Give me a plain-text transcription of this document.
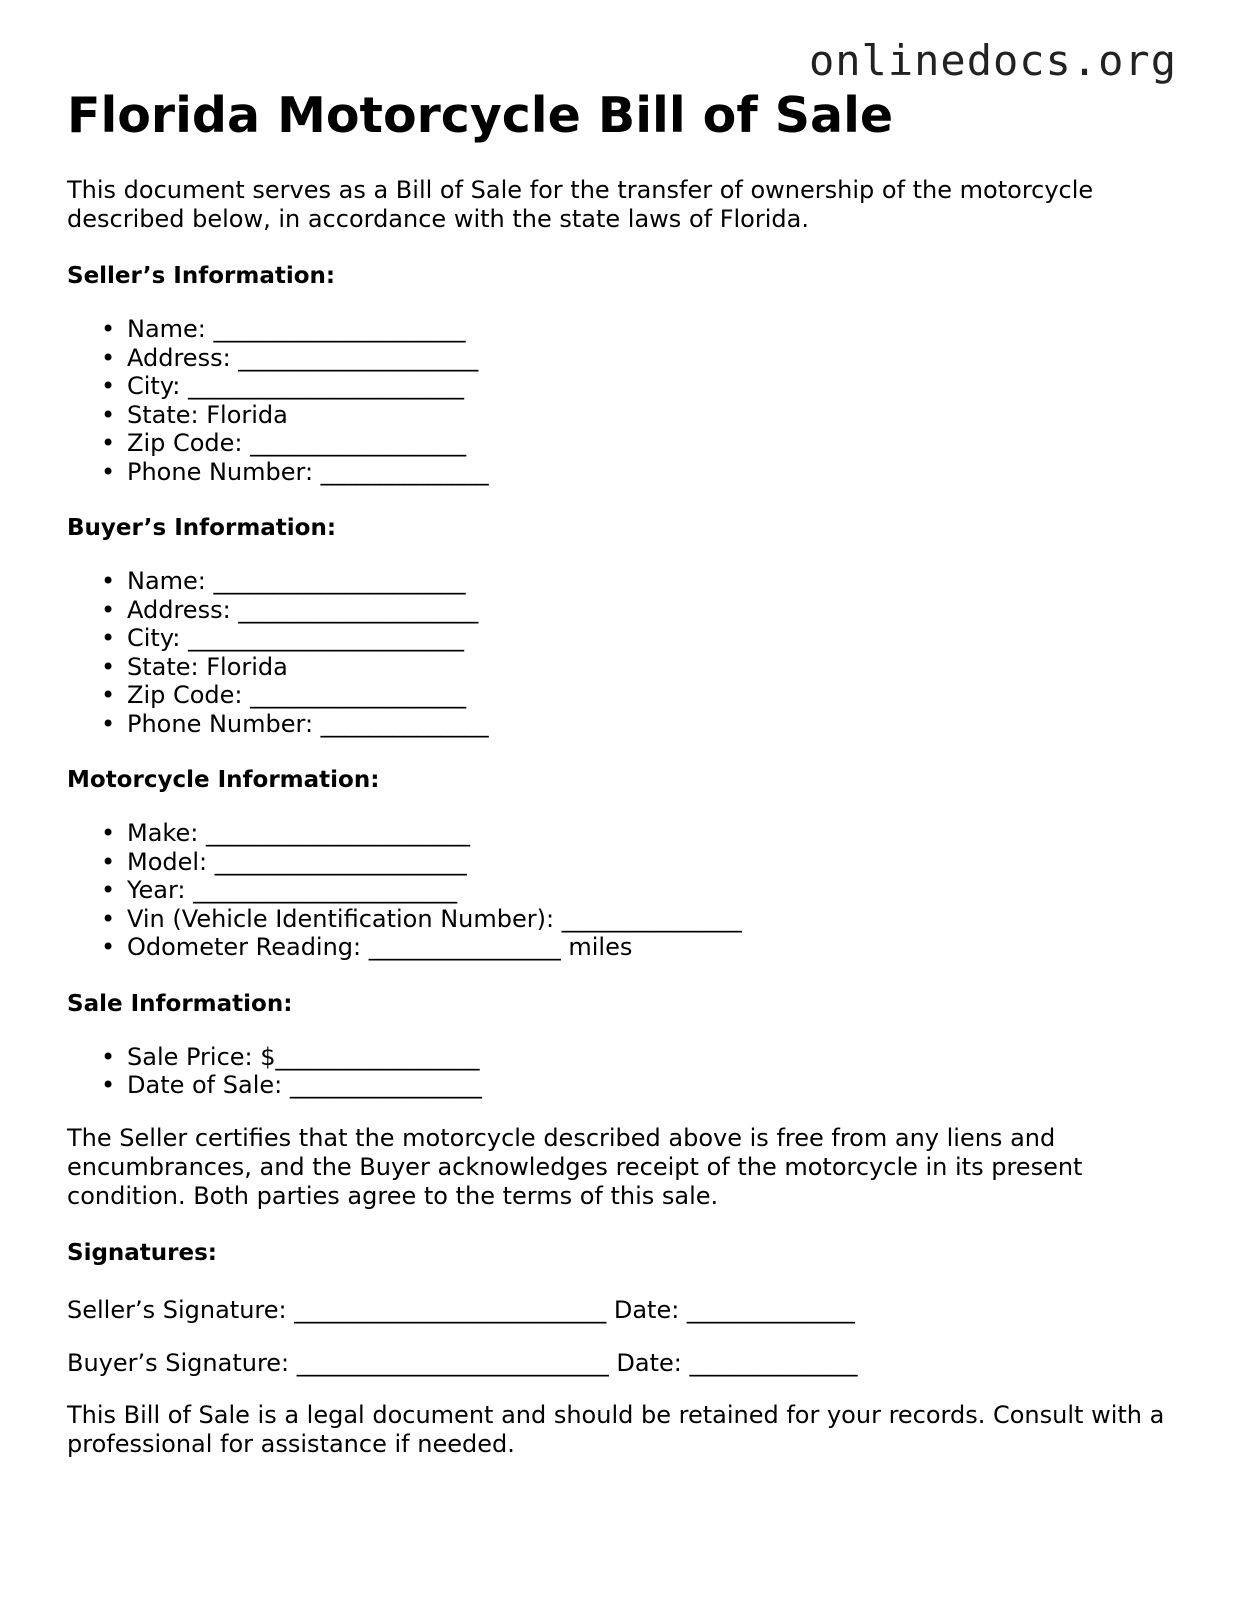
onlinedocs.org
Florida Motorcycle Bill of Sale

This document serves as a Bill of Sale for the transfer of ownership of the motorcycle described below, in accordance with the state laws of Florida.

Seller’s Information:
• Name: _____________________
• Address: ____________________
• City: _______________________
• State: Florida
• Zip Code: __________________
• Phone Number: ______________
Buyer’s Information:
• Name: _____________________
• Address: ____________________
• City: _______________________
• State: Florida
• Zip Code: __________________
• Phone Number: ______________
Motorcycle Information:
• Make: ______________________
• Model: _____________________
• Year: ______________________
• Vin (Vehicle Identification Number): _______________
• Odometer Reading: ________________ miles
Sale Information:
• Sale Price: $_________________
• Date of Sale: ________________

The Seller certifies that the motorcycle described above is free from any liens and encumbrances, and the Buyer acknowledges receipt of the motorcycle in its present condition. Both parties agree to the terms of this sale.

Signatures:
Seller’s Signature: __________________________ Date: ______________
Buyer’s Signature: __________________________ Date: ______________

This Bill of Sale is a legal document and should be retained for your records. Consult with a professional for assistance if needed.
